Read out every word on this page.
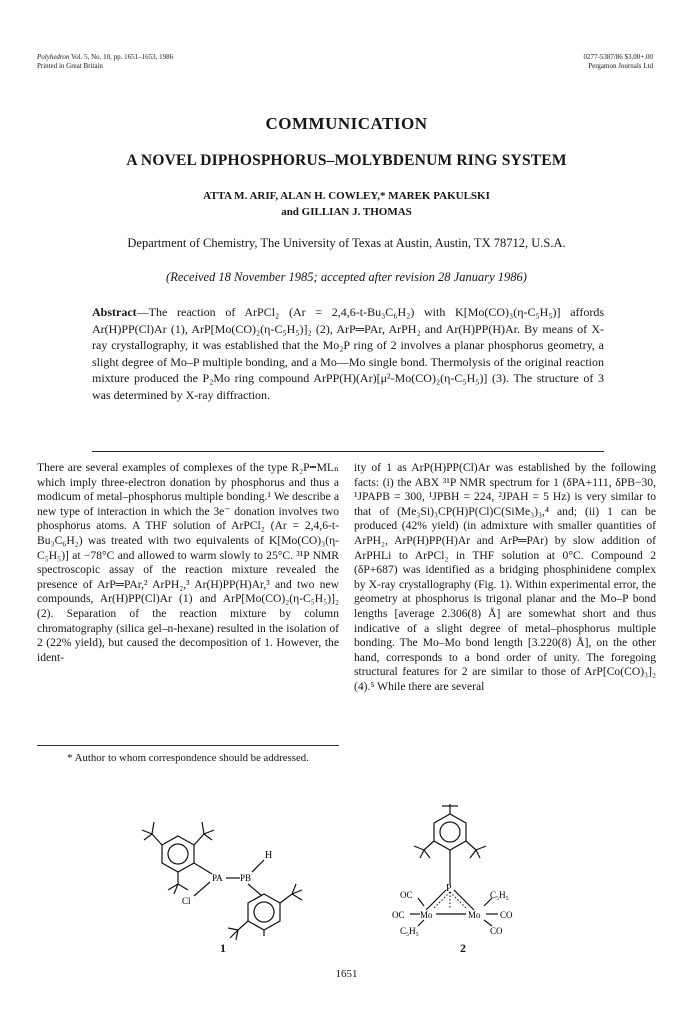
Polyhedron Vol. 5, No. 10, pp. 1651–1653, 1986
Printed in Great Britain
0277-5387/86 $3.00+.00
Pergamon Journals Ltd
COMMUNICATION
A NOVEL DIPHOSPHORUS–MOLYBDENUM RING SYSTEM
ATTA M. ARIF, ALAN H. COWLEY,* MAREK PAKULSKI
and GILLIAN J. THOMAS
Department of Chemistry, The University of Texas at Austin, Austin, TX 78712, U.S.A.
(Received 18 November 1985; accepted after revision 28 January 1986)
Abstract—The reaction of ArPCl₂ (Ar = 2,4,6-t-Bu₃C₆H₂) with K[Mo(CO)₃(η-C₅H₅)] affords Ar(H)PP(Cl)Ar (1), ArP[Mo(CO)₂(η-C₅H₅)]₂ (2), ArP═PAr, ArPH₂ and Ar(H)PP(H)Ar. By means of X-ray crystallography, it was established that the Mo₂P ring of 2 involves a planar phosphorus geometry, a slight degree of Mo–P multiple bonding, and a Mo—Mo single bond. Thermolysis of the original reaction mixture produced the P₂Mo ring compound ArPP(H)(Ar)[μ²-Mo(CO)₂(η-C₅H₅)] (3). The structure of 3 was determined by X-ray diffraction.
There are several examples of complexes of the type R₂P┅MLₙ which imply three-electron donation by phosphorus and thus a modicum of metal–phosphorus multiple bonding.¹ We describe a new type of interaction in which the 3e⁻ donation involves two phosphorus atoms. A THF solution of ArPCl₂ (Ar = 2,4,6-t-Bu₃C₆H₂) was treated with two equivalents of K[Mo(CO)₃(η-C₅H₅)] at −78°C and allowed to warm slowly to 25°C. ³¹P NMR spectroscopic assay of the reaction mixture revealed the presence of ArP═PAr,² ArPH₂,³ Ar(H)PP(H)Ar,³ and two new compounds, Ar(H)PP(Cl)Ar (1) and ArP[Mo(CO)₂(η-C₅H₅)]₂ (2). Separation of the reaction mixture by column chromatography (silica gel–n-hexane) resulted in the isolation of 2 (22% yield), but caused the decomposition of 1. However, the ident-
ity of 1 as ArP(H)PP(Cl)Ar was established by the following facts: (i) the ABX ³¹P NMR spectrum for 1 (δPA+111, δPB−30, ¹JPAPB = 300, ¹JPBH = 224, ²JPAH = 5 Hz) is very similar to that of (Me₃Si)₃CP(H)P(Cl)C(SiMe₃)₃,⁴ and; (ii) 1 can be produced (42% yield) (in admixture with smaller quantities of ArPH₂, ArP(H)PP(H)Ar and ArP═PAr) by slow addition of ArPHLi to ArPCl₂ in THF solution at 0°C. Compound 2 (δP+687) was identified as a bridging phosphinidene complex by X-ray crystallography (Fig. 1). Within experimental error, the geometry at phosphorus is trigonal planar and the Mo–P bond lengths [average 2.306(8) Å] are somewhat short and thus indicative of a slight degree of metal–phosphorus multiple bonding. The Mo–Mo bond length [3.220(8) Å], on the other hand, corresponds to a bond order of unity. The foregoing structural features for 2 are similar to those of ArP[Co(CO)₃]₂ (4).⁵ While there are several
* Author to whom correspondence should be addressed.
H
PA PB
Cl
P
OC	C₅H₅
OC Mo	Mo CO
C₅H₅	CO
1	2
1651
